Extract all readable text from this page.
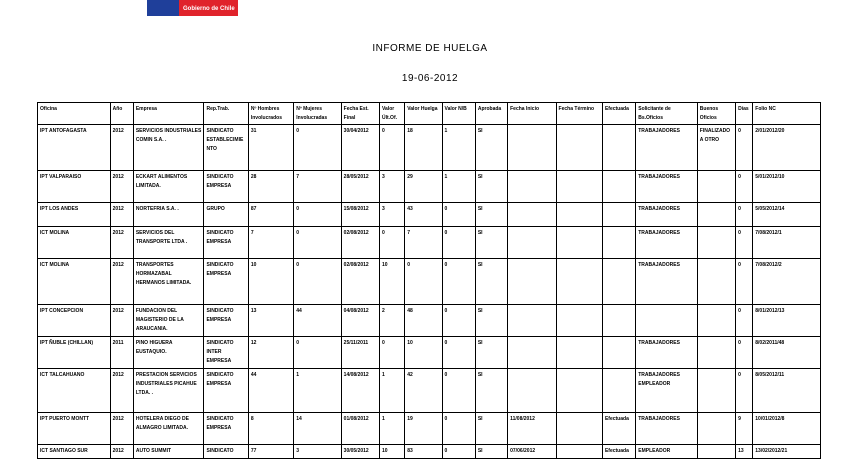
Gobierno de Chile
INFORME DE HUELGA
19-06-2012
Oficina	Año	Empresa	Rep.Trab.	Nº Hombres Involucrados	Nº Mujeres Involucradas	Fecha Est. Final	Valor Últ.Of.	Valor Huelga	Valor N/B	Aprobada	Fecha Inicio	Fecha Término	Efectuada	Solicitante de Bs.Oficios	Buenos Oficios	Días	Folio NC
IPT ANTOFAGASTA	2012	SERVICIOS INDUSTRIALES COMIN S.A. .	SINDICATO ESTABLECIMIENTO	31	0	30/04/2012	0	18	1	SI				TRABAJADORES	FINALIZADO A OTRO	0	2/01/2012/20
IPT VALPARAISO	2012	ECKART ALIMENTOS LIMITADA.	SINDICATO EMPRESA	28	7	28/05/2012	3	29	1	SI				TRABAJADORES		0	5/01/2012/10
IPT LOS ANDES	2012	NORTEFRIA S.A. .	GRUPO	87	0	15/08/2012	3	43	0	SI				TRABAJADORES		0	5/05/2012/14
ICT MOLINA	2012	SERVICIOS DEL TRANSPORTE LTDA .	SINDICATO EMPRESA	7	0	02/08/2012	0	7	0	SI				TRABAJADORES		0	7/08/2012/1
ICT MOLINA	2012	TRANSPORTES HORMAZABAL HERMANOS LIMITADA.	SINDICATO EMPRESA	10	0	02/08/2012	10	0	0	SI				TRABAJADORES		0	7/08/2012/2
IPT CONCEPCION	2012	FUNDACION DEL MAGISTERIO DE LA ARAUCANIA.	SINDICATO EMPRESA	13	44	04/08/2012	2	48	0	SI						0	8/01/2012/13
IPT ÑUBLE (CHILLAN)	2011	PINO HIGUERA EUSTAQUIO.	SINDICATO INTER EMPRESA	12	0	25/11/2011	0	10	0	SI				TRABAJADORES		0	8/02/2011/48
ICT TALCAHUANO	2012	PRESTACION SERVICIOS INDUSTRIALES PICAHUE LTDA. .	SINDICATO EMPRESA	44	1	14/08/2012	1	42	0	SI				TRABAJADORES EMPLEADOR		0	8/05/2012/11
IPT PUERTO MONTT	2012	HOTELERA DIEGO DE ALMAGRO LIMITADA.	SINDICATO EMPRESA	8	14	01/08/2012	1	19	0	SI	11/08/2012		Efectuada	TRABAJADORES		9	10/01/2012/8
ICT SANTIAGO SUR	2012	AUTO SUMMIT	SINDICATO	77	3	30/05/2012	10	83	0	SI	07/06/2012		Efectuada	EMPLEADOR		13	13/02/2012/21
